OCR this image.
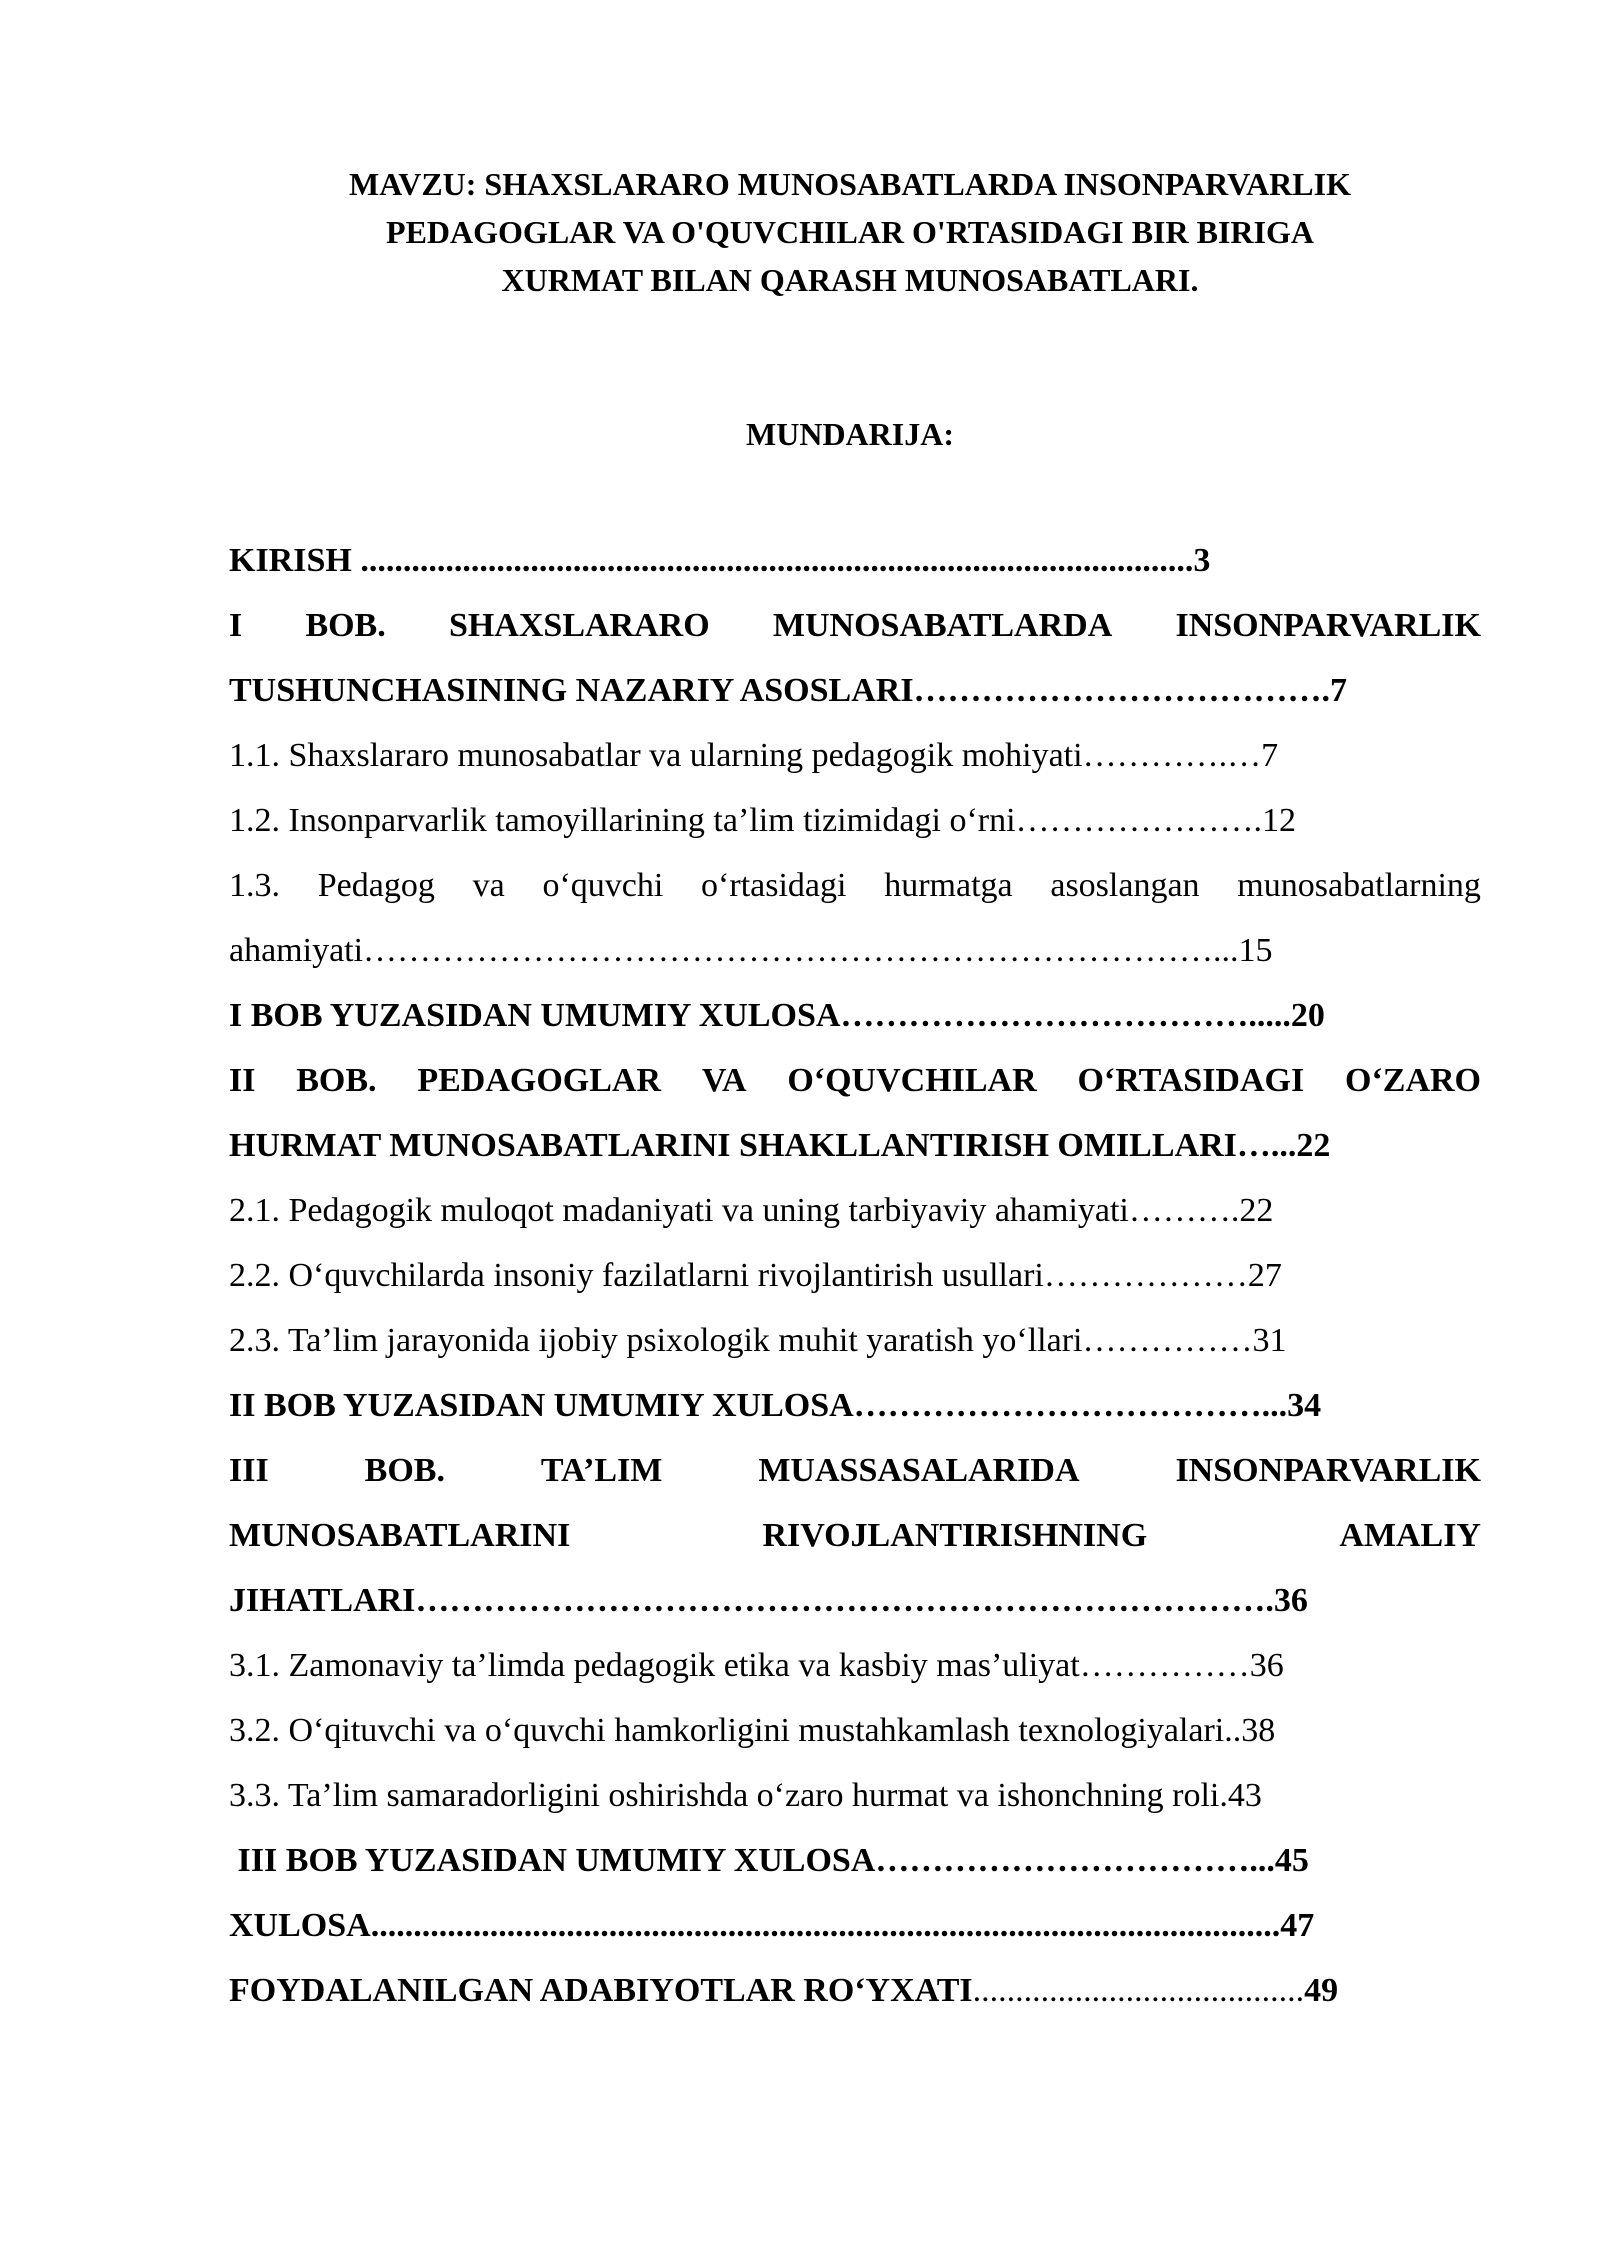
MAVZU: SHAXSLARARO MUNOSABATLARDA INSONPARVARLIK
PEDAGOGLAR VA O'QUVCHILAR O'RTASIDAGI BIR BIRIGA
XURMAT BILAN QARASH MUNOSABATLARI.
MUNDARIJA:
KIRISH ..................................................................................................3
I BOB. SHAXSLARARO MUNOSABATLARDA INSONPARVARLIK
TUSHUNCHASINING NAZARIY ASOSLARI……………………………….7
1.1. Shaxslararo munosabatlar va ularning pedagogik mohiyati………….…7
1.2. Insonparvarlik tamoyillarining ta’lim tizimidagi o‘rni………………….12
1.3. Pedagog va o‘quvchi o‘rtasidagi hurmatga asoslangan munosabatlarning
ahamiyati…………………………………………………………………...15
I BOB YUZASIDAN UMUMIY XULOSA……………………………….....20
II BOB. PEDAGOGLAR VA O‘QUVCHILAR O‘RTASIDAGI O‘ZARO
HURMAT MUNOSABATLARINI SHAKLLANTIRISH OMILLARI…...22
2.1. Pedagogik muloqot madaniyati va uning tarbiyaviy ahamiyati……….22
2.2. O‘quvchilarda insoniy fazilatlarni rivojlantirish usullari………………27
2.3. Ta’lim jarayonida ijobiy psixologik muhit yaratish yo‘llari……………31
II BOB YUZASIDAN UMUMIY XULOSA………………………………...34
III	BOB.	TA’LIM	MUASSASALARIDA	INSONPARVARLIK
MUNOSABATLARINI	RIVOJLANTIRISHNING	AMALIY
JIHATLARI………………………………………………………………….36
3.1. Zamonaviy ta’limda pedagogik etika va kasbiy mas’uliyat……………36
3.2. O‘qituvchi va o‘quvchi hamkorligini mustahkamlash texnologiyalari..38
3.3. Ta’lim samaradorligini oshirishda o‘zaro hurmat va ishonchning roli.43
III BOB YUZASIDAN UMUMIY XULOSA……………………………...45
XULOSA...........................................................................................................47
FOYDALANILGAN ADABIYOTLAR RO‘YXATI.......................................49
